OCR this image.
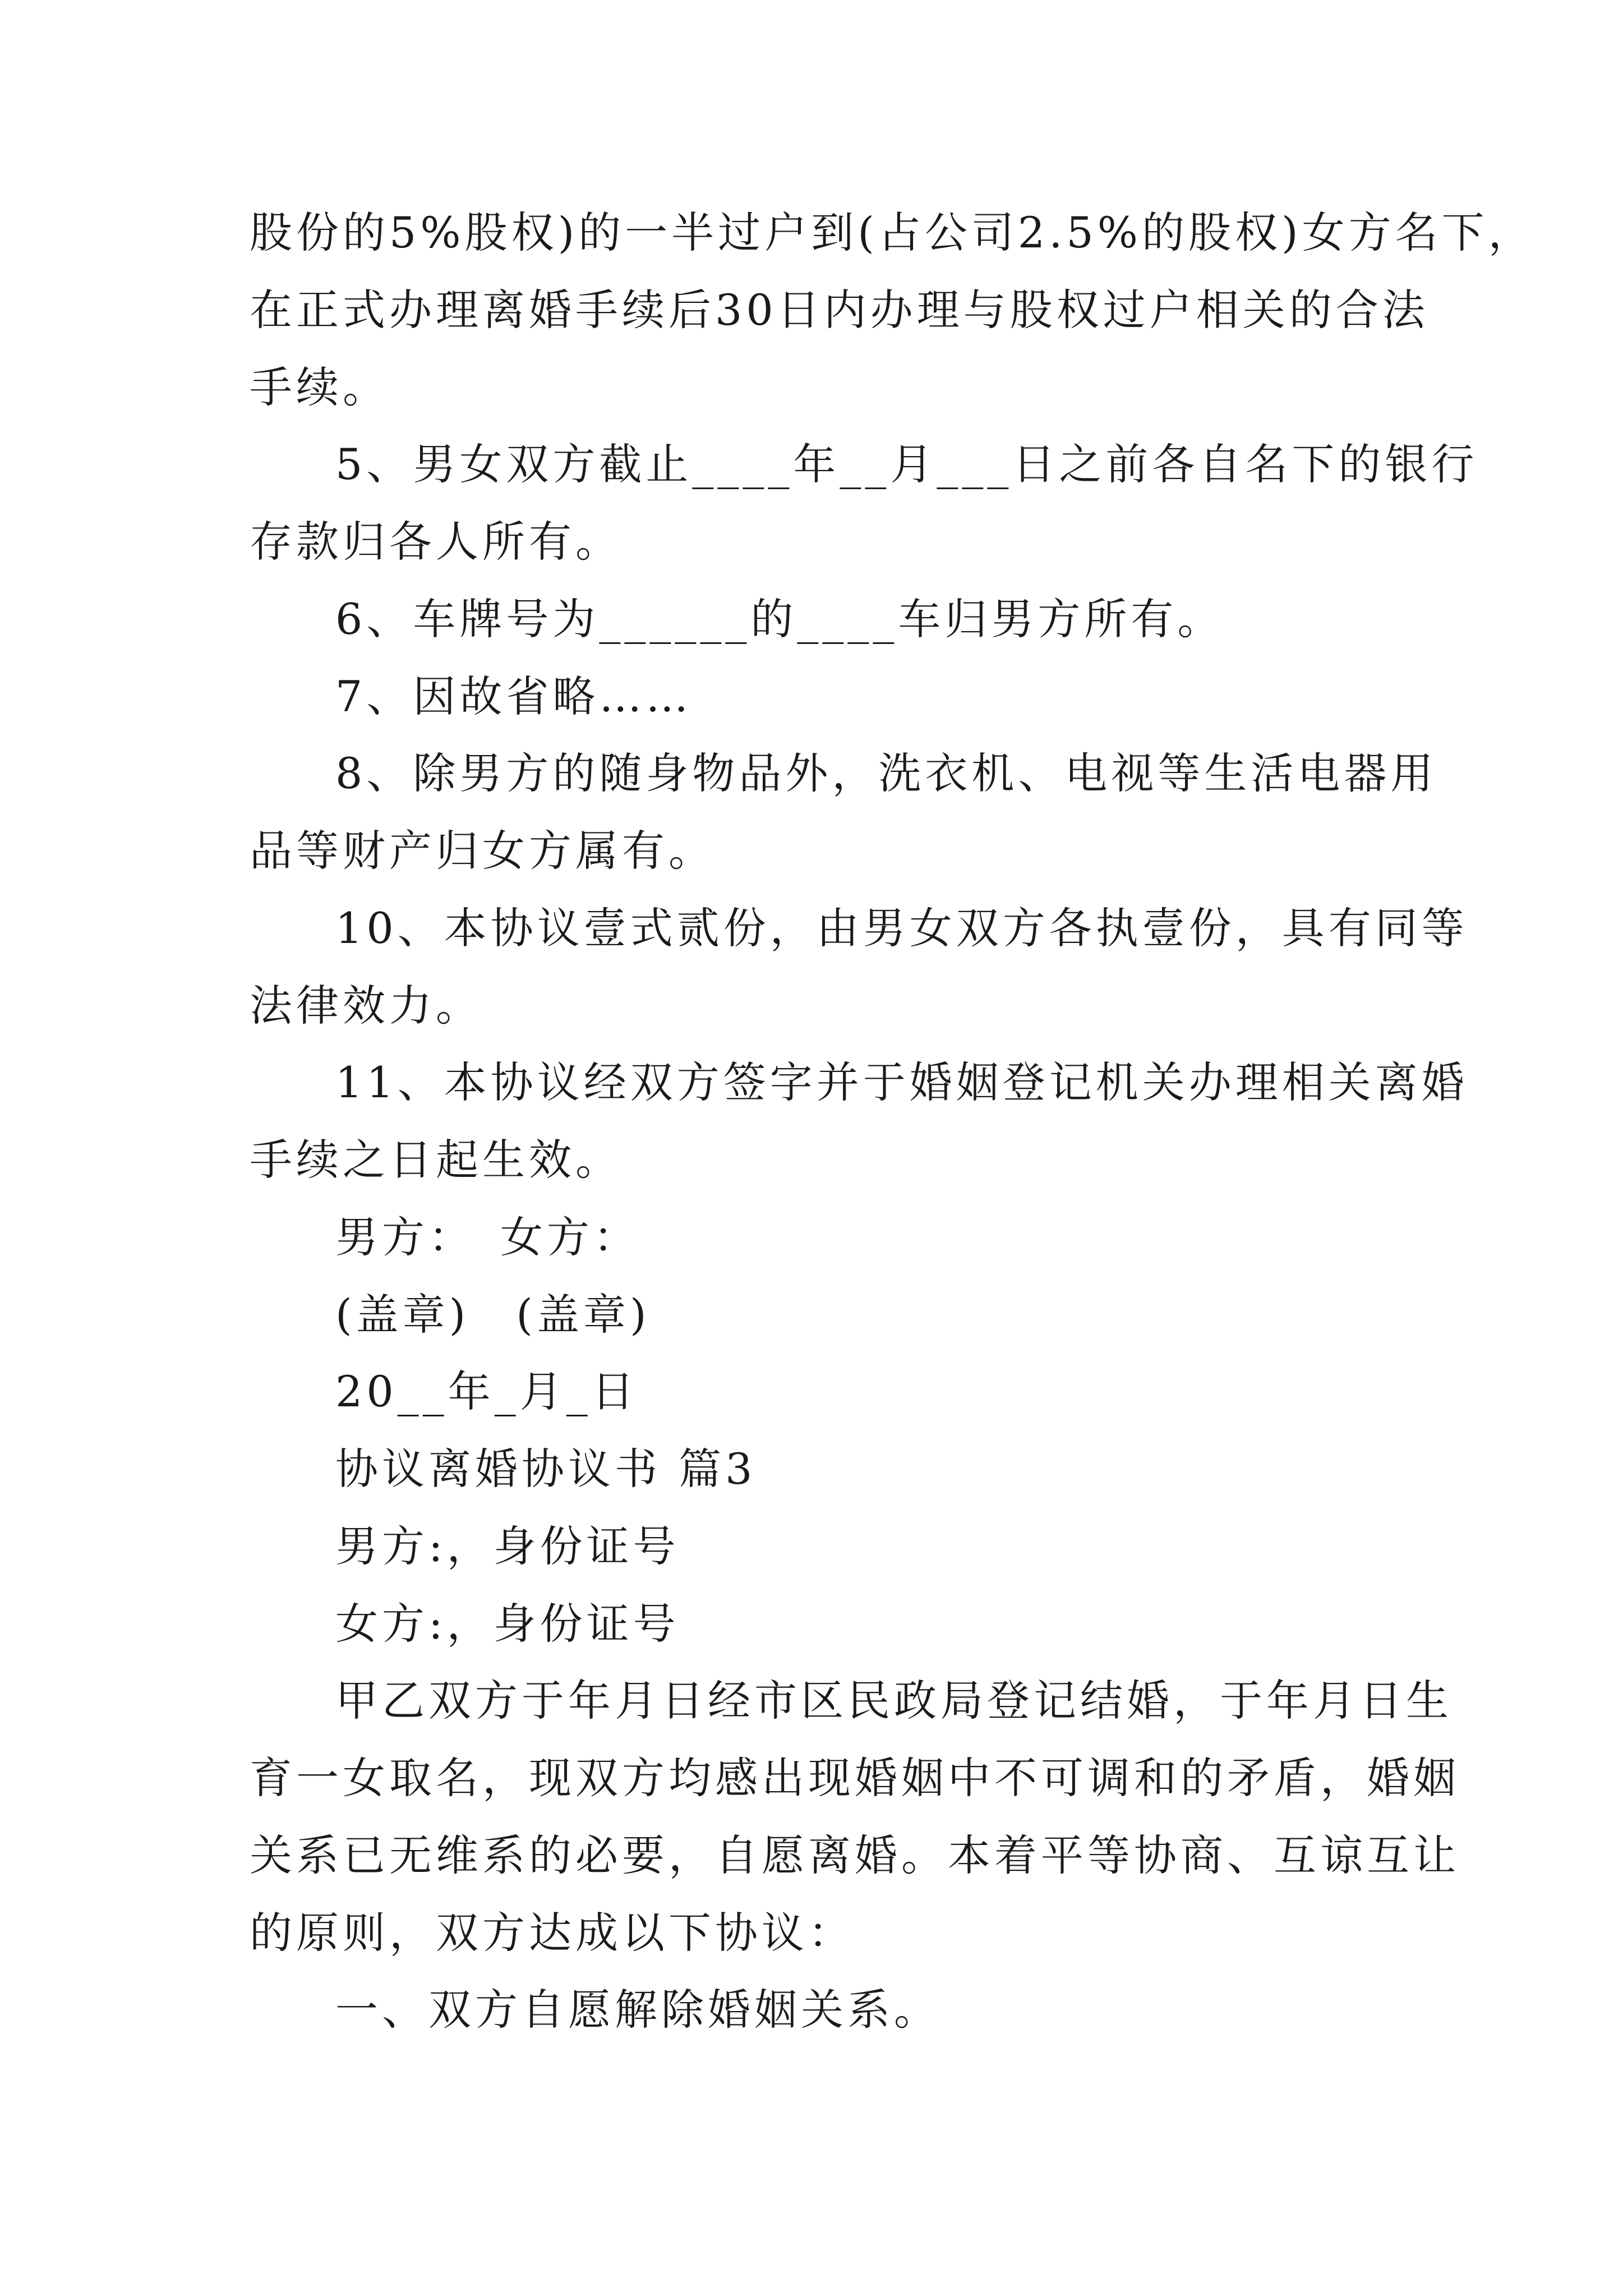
股份的5%股权)的一半过户到(占公司2.5%的股权)女方名下，
在正式办理离婚手续后30日内办理与股权过户相关的合法
手续。
5、男女双方截止____年__月___日之前各自名下的银行
存款归各人所有。
6、车牌号为______的____车归男方所有。
7、因故省略……
8、除男方的随身物品外，洗衣机、电视等生活电器用
品等财产归女方属有。
10、本协议壹式贰份，由男女双方各执壹份，具有同等
法律效力。
11、本协议经双方签字并于婚姻登记机关办理相关离婚
手续之日起生效。
男方：　女方：
(盖章)　(盖章)
20__年_月_日
协议离婚协议书 篇3
男方:，身份证号
女方:，身份证号
甲乙双方于年月日经市区民政局登记结婚，于年月日生
育一女取名，现双方均感出现婚姻中不可调和的矛盾，婚姻
关系已无维系的必要，自愿离婚。本着平等协商、互谅互让
的原则，双方达成以下协议：
一、双方自愿解除婚姻关系。
